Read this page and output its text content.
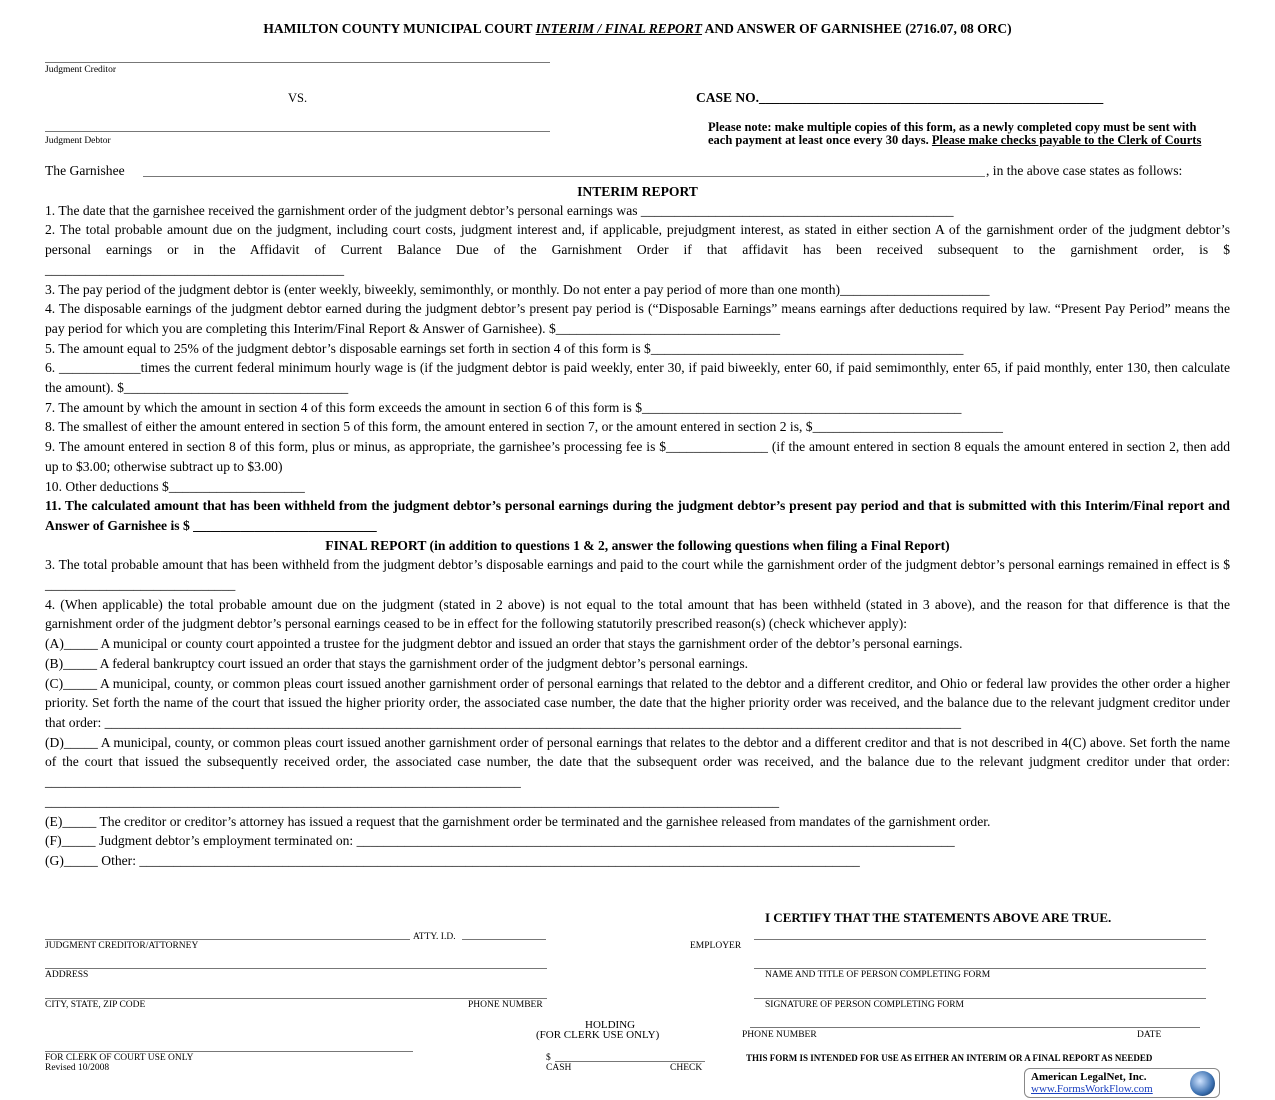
HAMILTON COUNTY MUNICIPAL COURT INTERIM / FINAL REPORT AND ANSWER OF GARNISHEE (2716.07, 08 ORC)
Judgment Creditor
VS.	CASE NO.___________________________________________________
Judgment Debtor
Please note: make multiple copies of this form, as a newly completed copy must be sent with each payment at least once every 30 days. Please make checks payable to the Clerk of Courts
The Garnishee	, in the above case states as follows:

INTERIM REPORT

1. The date that the garnishee received the garnishment order of the judgment debtor’s personal earnings was ______________________________________________

2. The total probable amount due on the judgment, including court costs, judgment interest and, if applicable, prejudgment interest, as stated in either section A of the garnishment order of the judgment debtor’s personal earnings or in the Affidavit of Current Balance Due of the Garnishment Order if that affidavit has been received subsequent to the garnishment order, is $ ____________________________________________

3. The pay period of the judgment debtor is (enter weekly, biweekly, semimonthly, or monthly. Do not enter a pay period of more than one month)______________________

4. The disposable earnings of the judgment debtor earned during the judgment debtor’s present pay period is (“Disposable Earnings” means earnings after deductions required by law. “Present Pay Period” means the pay period for which you are completing this Interim/Final Report & Answer of Garnishee). $_________________________________

5. The amount equal to 25% of the judgment debtor’s disposable earnings set forth in section 4 of this form is $______________________________________________

6. ____________times the current federal minimum hourly wage is (if the judgment debtor is paid weekly, enter 30, if paid biweekly, enter 60, if paid semimonthly, enter 65, if paid monthly, enter 130, then calculate the amount). $_________________________________

7. The amount by which the amount in section 4 of this form exceeds the amount in section 6 of this form is $_______________________________________________

8. The smallest of either the amount entered in section 5 of this form, the amount entered in section 7, or the amount entered in section 2 is, $____________________________

9. The amount entered in section 8 of this form, plus or minus, as appropriate, the garnishee’s processing fee is $_______________ (if the amount entered in section 8 equals the amount entered in section 2, then add up to $3.00; otherwise subtract up to $3.00)

10. Other deductions $____________________

11. The calculated amount that has been withheld from the judgment debtor’s personal earnings during the judgment debtor’s present pay period and that is submitted with this Interim/Final report and Answer of Garnishee is $ ___________________________

FINAL REPORT (in addition to questions 1 & 2, answer the following questions when filing a Final Report)

3. The total probable amount that has been withheld from the judgment debtor’s disposable earnings and paid to the court while the garnishment order of the judgment debtor’s personal earnings remained in effect is $ ____________________________

4. (When applicable) the total probable amount due on the judgment (stated in 2 above) is not equal to the total amount that has been withheld (stated in 3 above), and the reason for that difference is that the garnishment order of the judgment debtor’s personal earnings ceased to be in effect for the following statutorily prescribed reason(s) (check whichever apply):

(A)_____ A municipal or county court appointed a trustee for the judgment debtor and issued an order that stays the garnishment order of the debtor’s personal earnings.

(B)_____ A federal bankruptcy court issued an order that stays the garnishment order of the judgment debtor’s personal earnings.

(C)_____ A municipal, county, or common pleas court issued another garnishment order of personal earnings that related to the debtor and a different creditor, and Ohio or federal law provides the other order a higher priority. Set forth the name of the court that issued the higher priority order, the associated case number, the date that the higher priority order was received, and the balance due to the relevant judgment creditor under that order: ______________________________________________________________________________________________________________________________

(D)_____ A municipal, county, or common pleas court issued another garnishment order of personal earnings that relates to the debtor and a different creditor and that is not described in 4(C) above. Set forth the name of the court that issued the subsequently received order, the associated case number, the date that the subsequent order was received, and the balance due to the relevant judgment creditor under that order: ______________________________________________________________________ ____________________________________________________________________________________________________________

(E)_____ The creditor or creditor’s attorney has issued a request that the garnishment order be terminated and the garnishee released from mandates of the garnishment order.

(F)_____ Judgment debtor’s employment terminated on: ________________________________________________________________________________________

(G)_____ Other: __________________________________________________________________________________________________________

I CERTIFY THAT THE STATEMENTS ABOVE ARE TRUE.
ATTY. I.D.
JUDGMENT CREDITOR/ATTORNEY
ADDRESS
CITY, STATE, ZIP CODE	PHONE NUMBER
EMPLOYER
NAME AND TITLE OF PERSON COMPLETING FORM
SIGNATURE OF PERSON COMPLETING FORM
PHONE NUMBER	DATE
HOLDING
(FOR CLERK USE ONLY)
FOR CLERK OF COURT USE ONLY
Revised 10/2008
$
CASH	CHECK
THIS FORM IS INTENDED FOR USE AS EITHER AN INTERIM OR A FINAL REPORT AS NEEDED
American LegalNet, Inc.
www.FormsWorkFlow.com
